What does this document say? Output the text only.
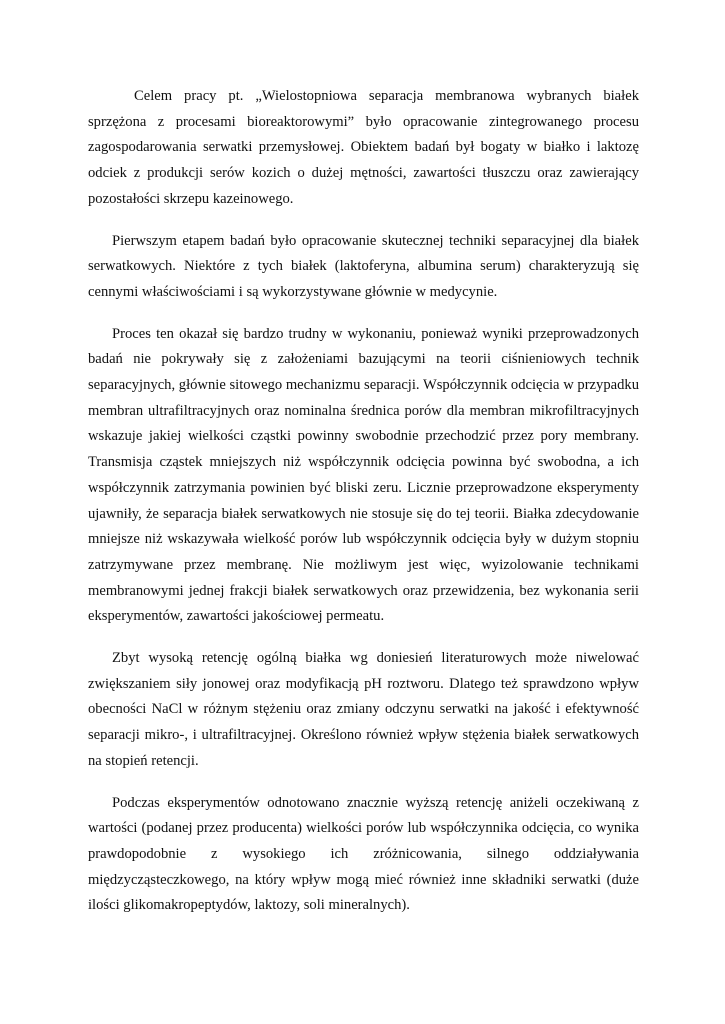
Celem pracy pt. „Wielostopniowa separacja membranowa wybranych białek sprzężona z procesami bioreaktorowymi” było opracowanie zintegrowanego procesu zagospodarowania serwatki przemysłowej. Obiektem badań był bogaty w białko i laktozę odciek z produkcji serów kozich o dużej mętności, zawartości tłuszczu oraz zawierający pozostałości skrzepu kazeinowego.

Pierwszym etapem badań było opracowanie skutecznej techniki separacyjnej dla białek serwatkowych. Niektóre z tych białek (laktoferyna, albumina serum) charakteryzują się cennymi właściwościami i są wykorzystywane głównie w medycynie.

Proces ten okazał się bardzo trudny w wykonaniu, ponieważ wyniki przeprowadzonych badań nie pokrywały się z założeniami bazującymi na teorii ciśnieniowych technik separacyjnych, głównie sitowego mechanizmu separacji. Współczynnik odcięcia w przypadku membran ultrafiltracyjnych oraz nominalna średnica porów dla membran mikrofiltracyjnych wskazuje jakiej wielkości cząstki powinny swobodnie przechodzić przez pory membrany. Transmisja cząstek mniejszych niż współczynnik odcięcia powinna być swobodna, a ich współczynnik zatrzymania powinien być bliski zeru. Licznie przeprowadzone eksperymenty ujawniły, że separacja białek serwatkowych nie stosuje się do tej teorii. Białka zdecydowanie mniejsze niż wskazywała wielkość porów lub współczynnik odcięcia były w dużym stopniu zatrzymywane przez membranę. Nie możliwym jest więc, wyizolowanie technikami membranowymi jednej frakcji białek serwatkowych oraz przewidzenia, bez wykonania serii eksperymentów, zawartości jakościowej permeatu.

Zbyt wysoką retencję ogólną białka wg doniesień literaturowych może niwelować zwiększaniem siły jonowej oraz modyfikacją pH roztworu. Dlatego też sprawdzono wpływ obecności NaCl w różnym stężeniu oraz zmiany odczynu serwatki na jakość i efektywność separacji mikro-, i ultrafiltracyjnej. Określono również wpływ stężenia białek serwatkowych na stopień retencji.

Podczas eksperymentów odnotowano znacznie wyższą retencję aniżeli oczekiwaną z wartości (podanej przez producenta) wielkości porów lub współczynnika odcięcia, co wynika prawdopodobnie z wysokiego ich zróżnicowania, silnego oddziaływania międzycząsteczkowego, na który wpływ mogą mieć również inne składniki serwatki (duże ilości glikomakropeptydów, laktozy, soli mineralnych).
